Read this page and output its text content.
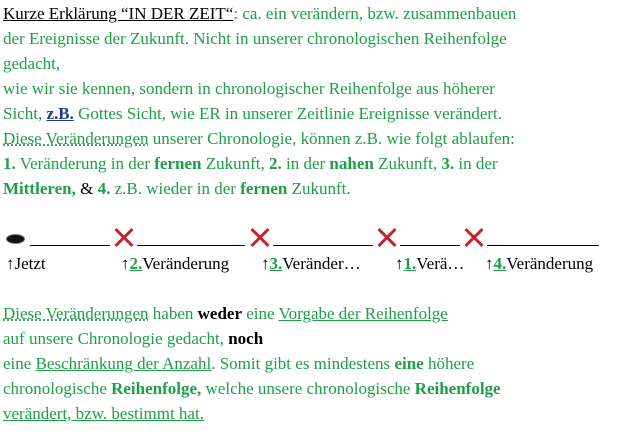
Kurze Erklärung “IN DER ZEIT“: ca. ein verändern, bzw. zusammenbauen
der Ereignisse der Zukunft. Nicht in unserer chronologischen Reihenfolge
gedacht,
wie wir sie kennen, sondern in chronologischer Reihenfolge aus höherer
Sicht, z.B. Gottes Sicht, wie ER in unserer Zeitlinie Ereignisse verändert.
Diese Veränderungen unserer Chronologie, können z.B. wie folgt ablaufen:
1. Veränderung in der fernen Zukunft, 2. in der nahen Zukunft, 3. in der
Mittleren, & 4. z.B. wieder in der fernen Zukunft.
↑Jetzt	↑2.Veränderung ↑3.Veränder… ↑1.Verä… ↑4.Veränderung
Diese Veränderungen haben weder eine Vorgabe der Reihenfolge
auf unsere Chronologie gedacht, noch
eine Beschränkung der Anzahl. Somit gibt es mindestens eine höhere
chronologische Reihenfolge, welche unsere chronologische Reihenfolge
verändert, bzw. bestimmt hat.
